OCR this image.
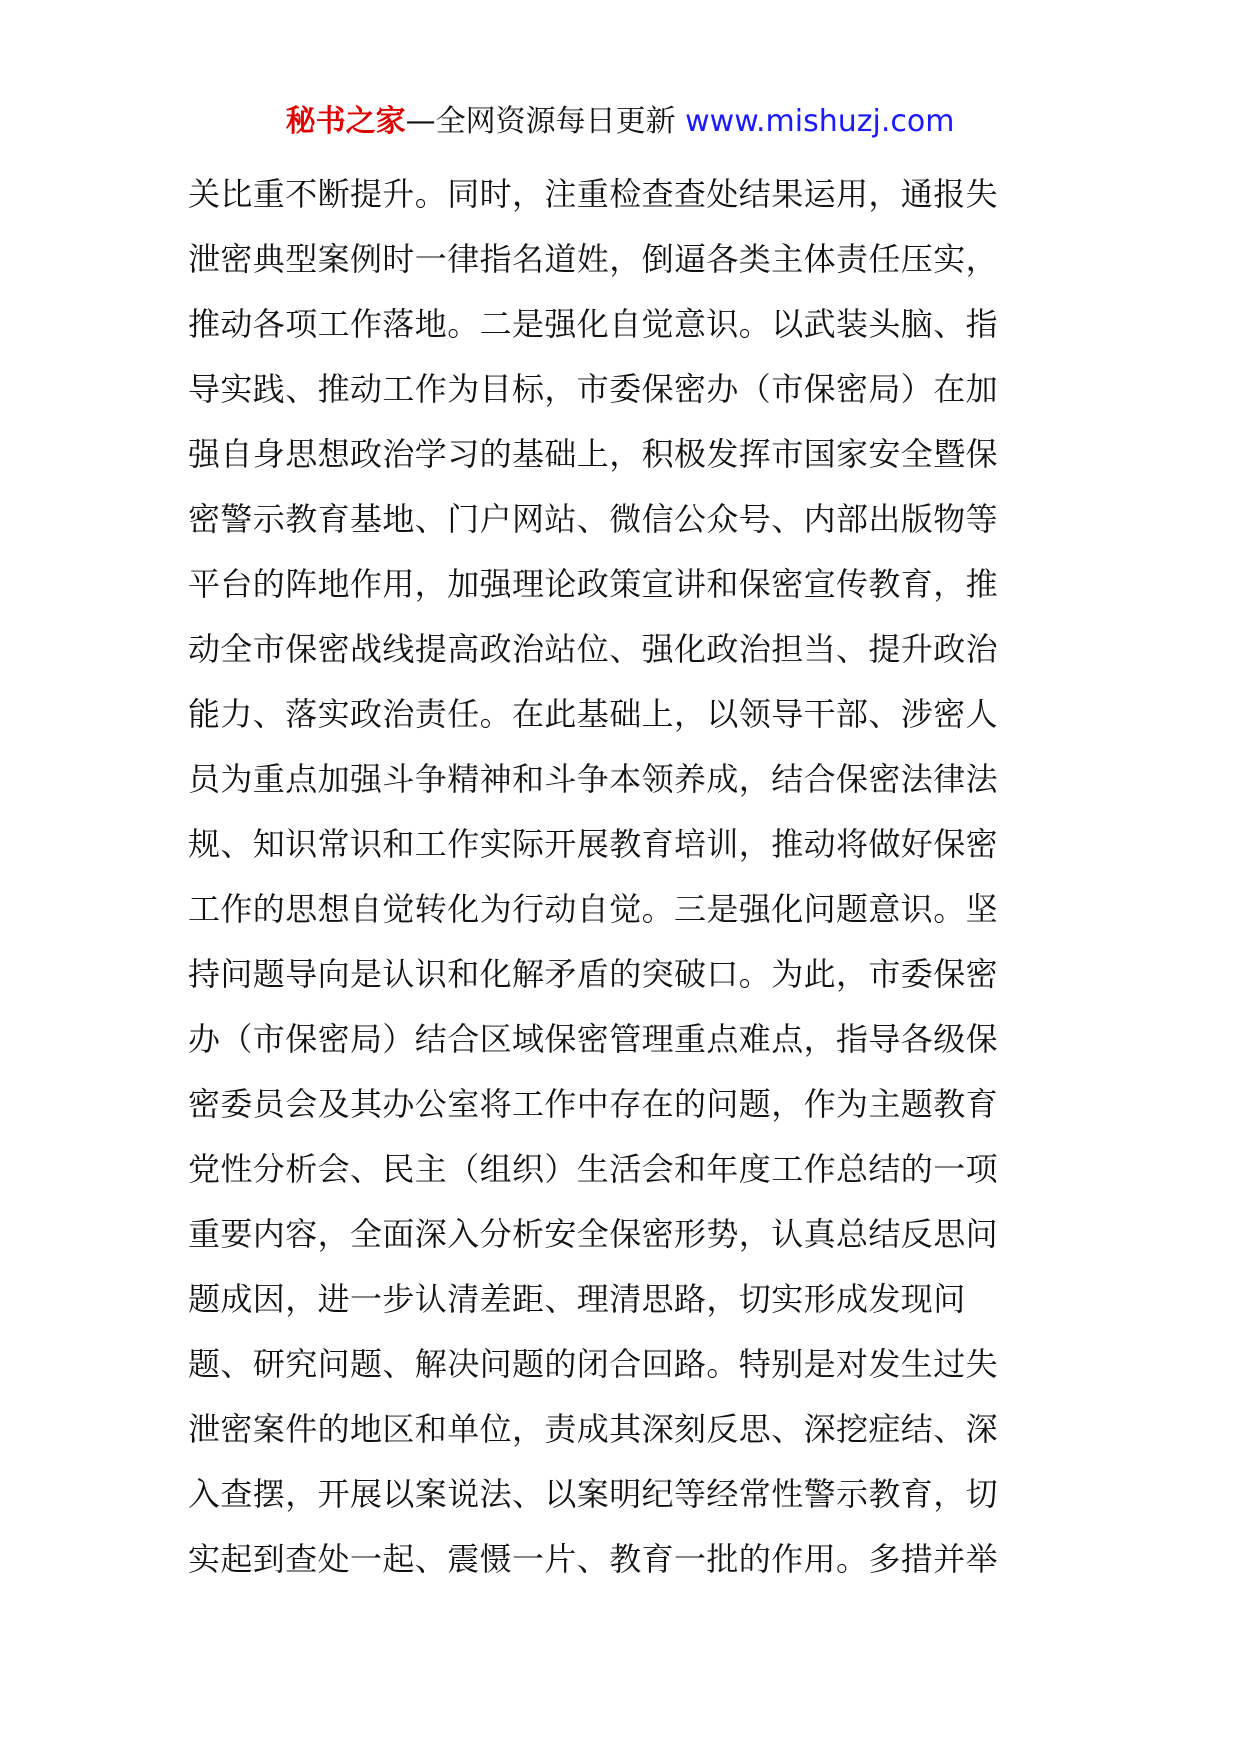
秘书之家—全网资源每日更新 www.mishuzj.com
关比重不断提升。同时，注重检查查处结果运用，通报失
泄密典型案例时一律指名道姓，倒逼各类主体责任压实，
推动各项工作落地。二是强化自觉意识。以武装头脑、指
导实践、推动工作为目标，市委保密办（市保密局）在加
强自身思想政治学习的基础上，积极发挥市国家安全暨保
密警示教育基地、门户网站、微信公众号、内部出版物等
平台的阵地作用，加强理论政策宣讲和保密宣传教育，推
动全市保密战线提高政治站位、强化政治担当、提升政治
能力、落实政治责任。在此基础上，以领导干部、涉密人
员为重点加强斗争精神和斗争本领养成，结合保密法律法
规、知识常识和工作实际开展教育培训，推动将做好保密
工作的思想自觉转化为行动自觉。三是强化问题意识。坚
持问题导向是认识和化解矛盾的突破口。为此，市委保密
办（市保密局）结合区域保密管理重点难点，指导各级保
密委员会及其办公室将工作中存在的问题，作为主题教育
党性分析会、民主（组织）生活会和年度工作总结的一项
重要内容，全面深入分析安全保密形势，认真总结反思问
题成因，进一步认清差距、理清思路，切实形成发现问
题、研究问题、解决问题的闭合回路。特别是对发生过失
泄密案件的地区和单位，责成其深刻反思、深挖症结、深
入查摆，开展以案说法、以案明纪等经常性警示教育，切
实起到查处一起、震慑一片、教育一批的作用。多措并举
